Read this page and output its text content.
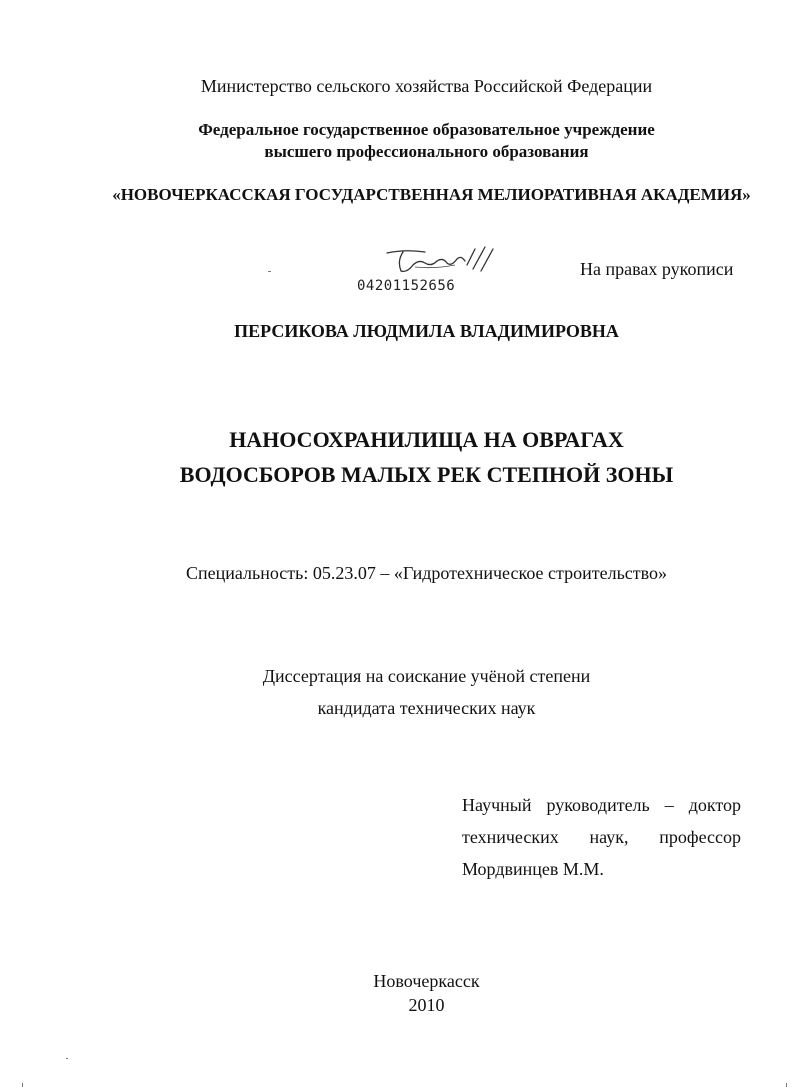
Министерство сельского хозяйства Российской Федерации
Федеральное государственное образовательное учреждение
высшего профессионального образования
«НОВОЧЕРКАССКАЯ ГОСУДАРСТВЕННАЯ МЕЛИОРАТИВНАЯ АКАДЕМИЯ»
04201152656
На правах рукописи
ПЕРСИКОВА ЛЮДМИЛА ВЛАДИМИРОВНА
НАНОСОХРАНИЛИЩА НА ОВРАГАХ
ВОДОСБОРОВ МАЛЫХ РЕК СТЕПНОЙ ЗОНЫ
Специальность: 05.23.07 – «Гидротехническое строительство»
Диссертация на соискание учёной степени
кандидата технических наук
Научный руководитель – доктор
технических наук, профессор
Мордвинцев М.М.
Новочеркасск
2010
